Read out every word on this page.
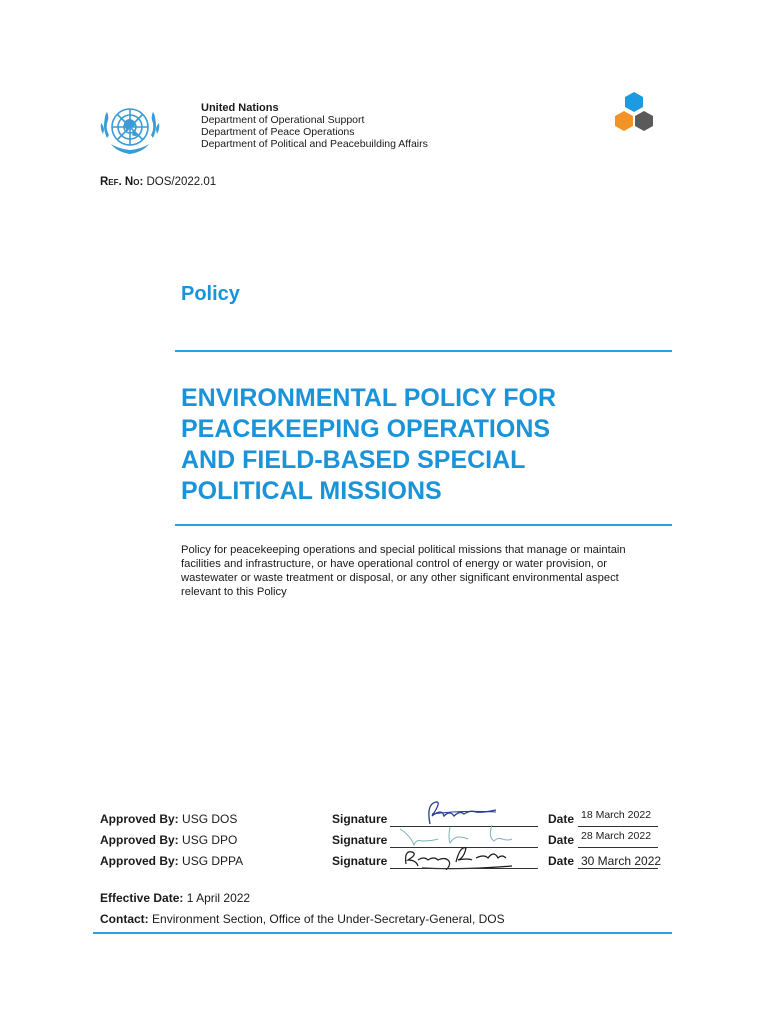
United Nations
Department of Operational Support
Department of Peace Operations
Department of Political and Peacebuilding Affairs
Ref. No: DOS/2022.01
Policy
ENVIRONMENTAL POLICY FOR
PEACEKEEPING OPERATIONS
AND FIELD-BASED SPECIAL
POLITICAL MISSIONS
Policy for peacekeeping operations and special political missions that manage or maintain facilities and infrastructure, or have operational control of energy or water provision, or wastewater or waste treatment or disposal, or any other significant environmental aspect relevant to this Policy
Approved By: USG DOS	Signature	Date 18 March 2022
Approved By: USG DPO	Signature	Date 28 March 2022
Approved By: USG DPPA	Signature	Date 30 March 2022
Effective Date: 1 April 2022
Contact: Environment Section, Office of the Under-Secretary-General, DOS
